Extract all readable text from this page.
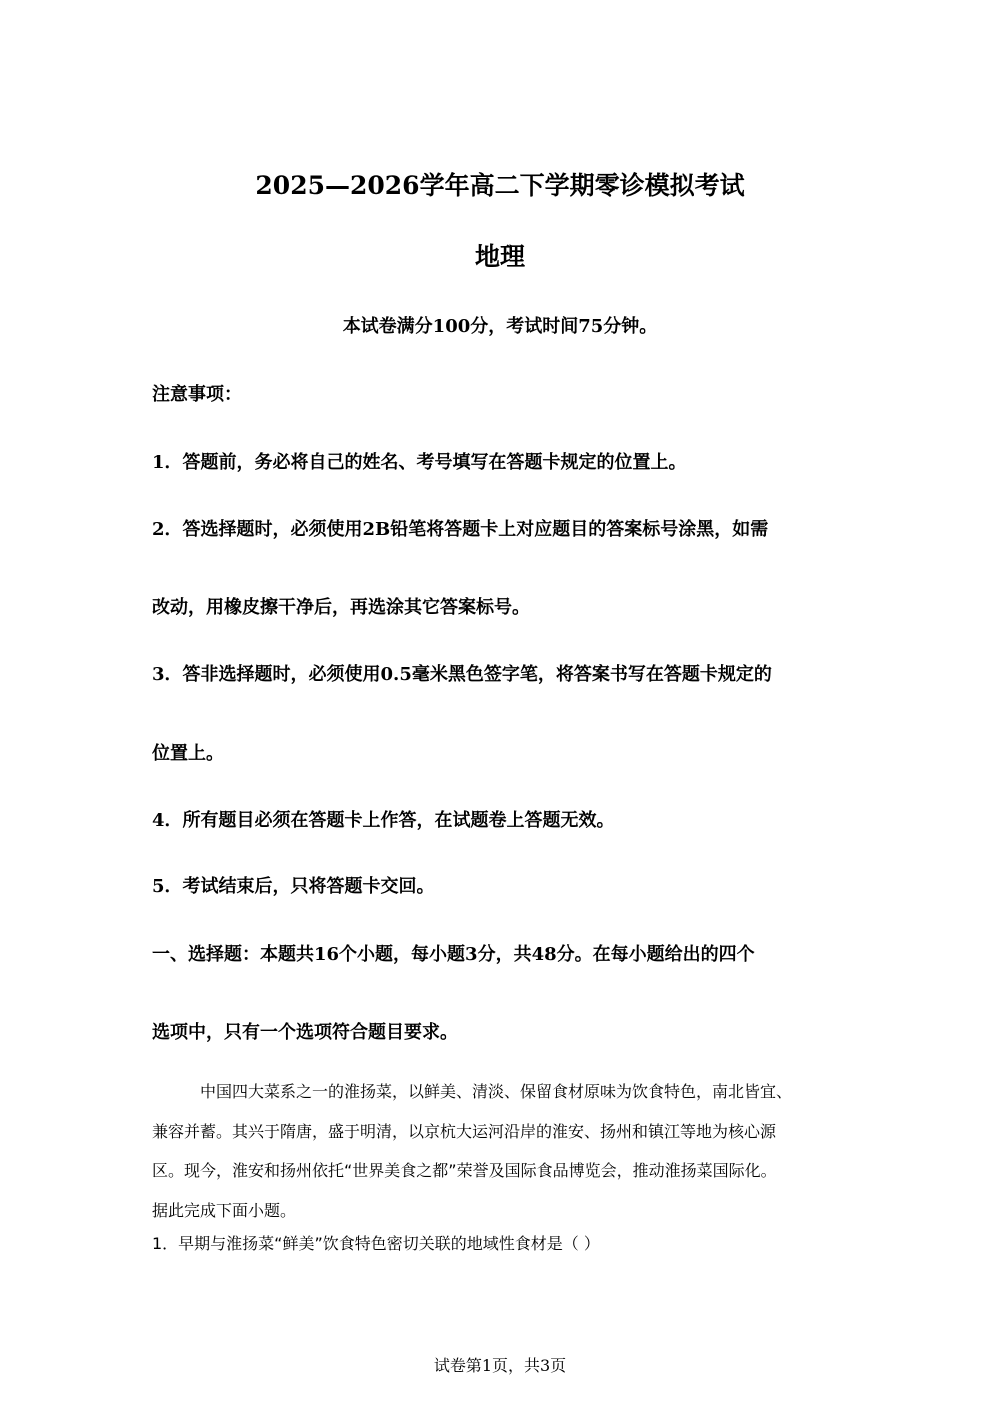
2025—2026学年高二下学期零诊模拟考试
地理
本试卷满分100分，考试时间75分钟。
注意事项：
1．答题前，务必将自己的姓名、考号填写在答题卡规定的位置上。
2．答选择题时，必须使用2B铅笔将答题卡上对应题目的答案标号涂黑，如需
改动，用橡皮擦干净后，再选涂其它答案标号。
3．答非选择题时，必须使用0.5毫米黑色签字笔，将答案书写在答题卡规定的
位置上。
4．所有题目必须在答题卡上作答，在试题卷上答题无效。
5．考试结束后，只将答题卡交回。
一、选择题：本题共16个小题，每小题3分，共48分。在每小题给出的四个
选项中，只有一个选项符合题目要求。
中国四大菜系之一的淮扬菜，以鲜美、清淡、保留食材原味为饮食特色，南北皆宜、
兼容并蓄。其兴于隋唐，盛于明清，以京杭大运河沿岸的淮安、扬州和镇江等地为核心源
区。现今，淮安和扬州依托“世界美食之都”荣誉及国际食品博览会，推动淮扬菜国际化。
据此完成下面小题。
1．早期与淮扬菜“鲜美”饮食特色密切关联的地域性食材是（ ）
试卷第1页，共3页
